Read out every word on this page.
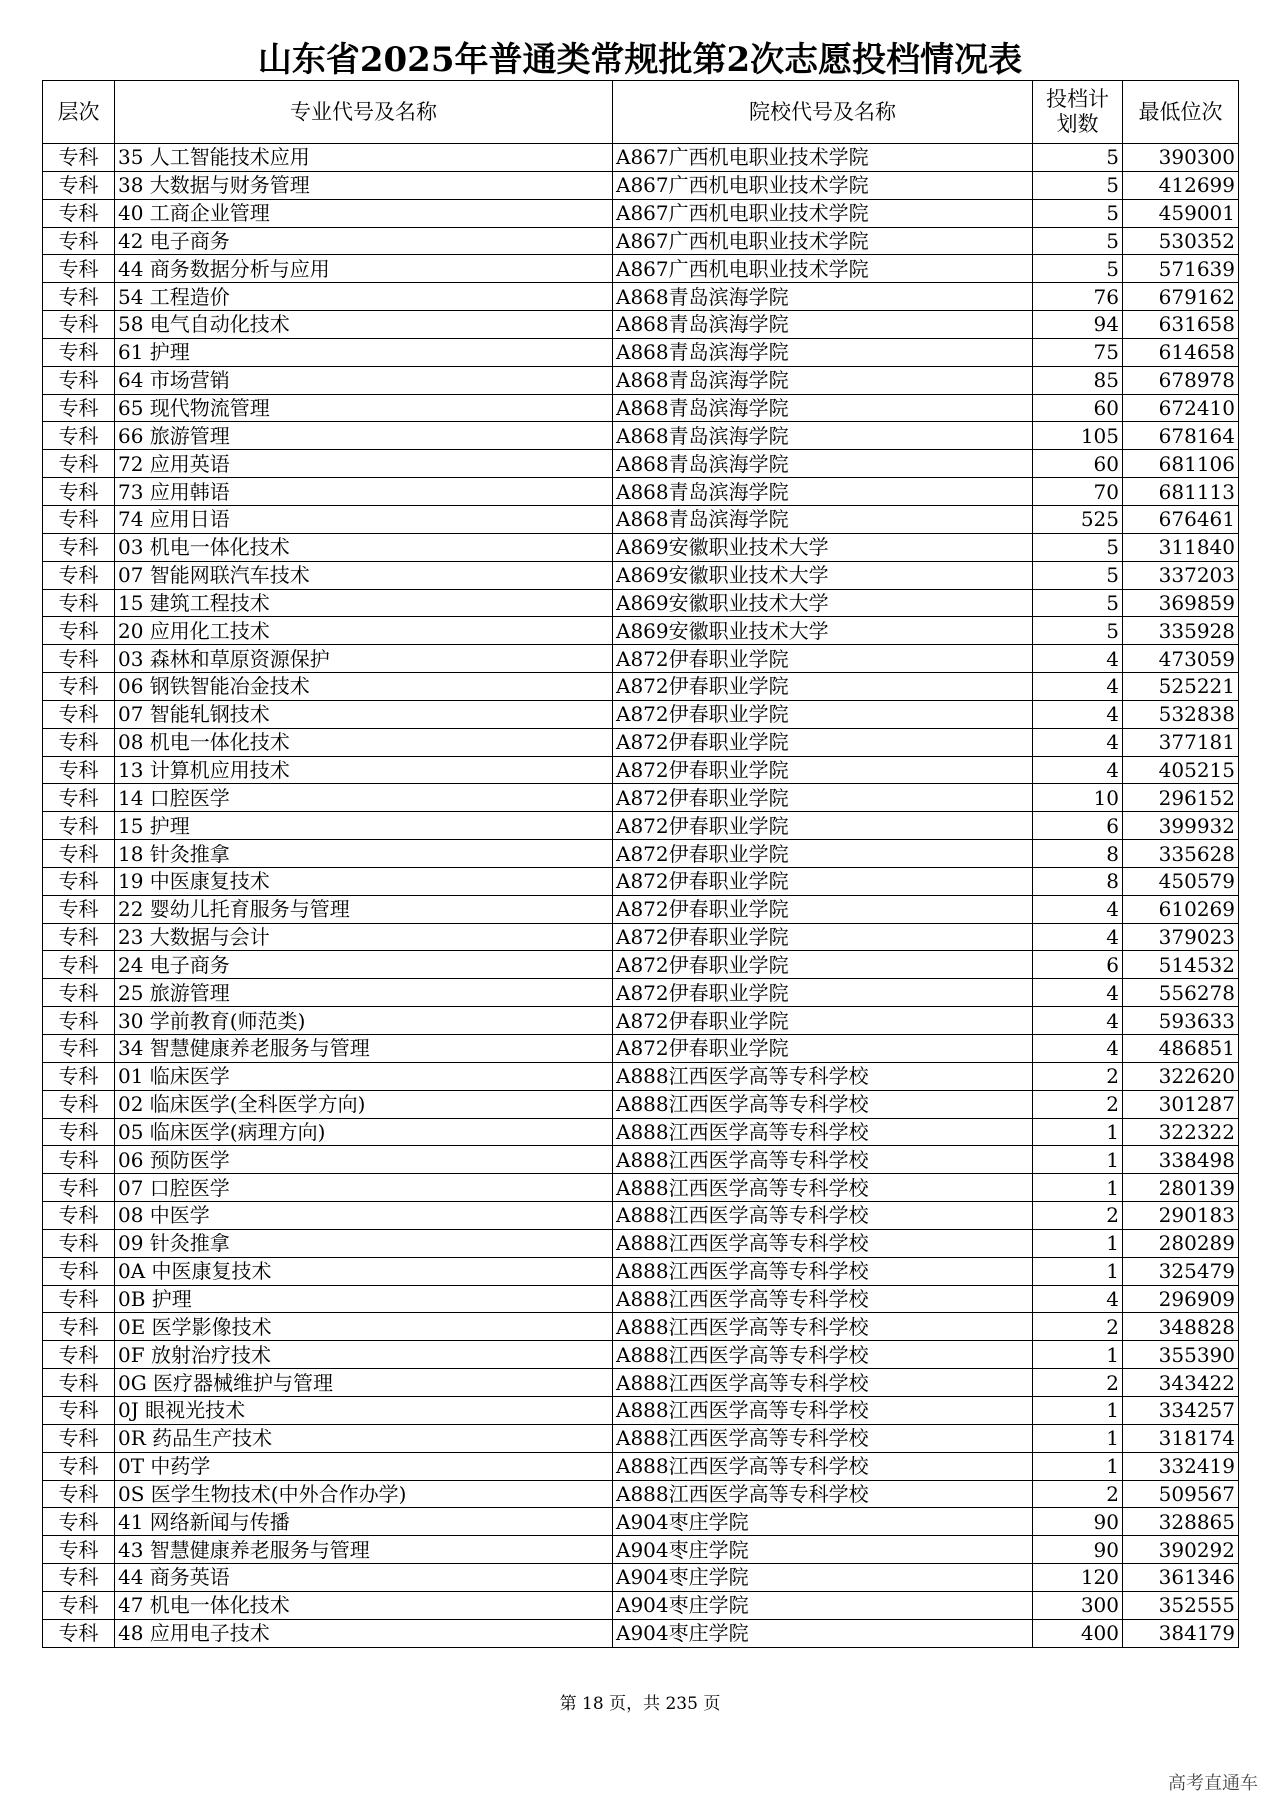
山东省2025年普通类常规批第2次志愿投档情况表
层次	专业代号及名称	院校代号及名称	投档计
划数	最低位次
专科	35 人工智能技术应用	A867广西机电职业技术学院	5	390300
专科	38 大数据与财务管理	A867广西机电职业技术学院	5	412699
专科	40 工商企业管理	A867广西机电职业技术学院	5	459001
专科	42 电子商务	A867广西机电职业技术学院	5	530352
专科	44 商务数据分析与应用	A867广西机电职业技术学院	5	571639
专科	54 工程造价	A868青岛滨海学院	76	679162
专科	58 电气自动化技术	A868青岛滨海学院	94	631658
专科	61 护理	A868青岛滨海学院	75	614658
专科	64 市场营销	A868青岛滨海学院	85	678978
专科	65 现代物流管理	A868青岛滨海学院	60	672410
专科	66 旅游管理	A868青岛滨海学院	105	678164
专科	72 应用英语	A868青岛滨海学院	60	681106
专科	73 应用韩语	A868青岛滨海学院	70	681113
专科	74 应用日语	A868青岛滨海学院	525	676461
专科	03 机电一体化技术	A869安徽职业技术大学	5	311840
专科	07 智能网联汽车技术	A869安徽职业技术大学	5	337203
专科	15 建筑工程技术	A869安徽职业技术大学	5	369859
专科	20 应用化工技术	A869安徽职业技术大学	5	335928
专科	03 森林和草原资源保护	A872伊春职业学院	4	473059
专科	06 钢铁智能冶金技术	A872伊春职业学院	4	525221
专科	07 智能轧钢技术	A872伊春职业学院	4	532838
专科	08 机电一体化技术	A872伊春职业学院	4	377181
专科	13 计算机应用技术	A872伊春职业学院	4	405215
专科	14 口腔医学	A872伊春职业学院	10	296152
专科	15 护理	A872伊春职业学院	6	399932
专科	18 针灸推拿	A872伊春职业学院	8	335628
专科	19 中医康复技术	A872伊春职业学院	8	450579
专科	22 婴幼儿托育服务与管理	A872伊春职业学院	4	610269
专科	23 大数据与会计	A872伊春职业学院	4	379023
专科	24 电子商务	A872伊春职业学院	6	514532
专科	25 旅游管理	A872伊春职业学院	4	556278
专科	30 学前教育(师范类)	A872伊春职业学院	4	593633
专科	34 智慧健康养老服务与管理	A872伊春职业学院	4	486851
专科	01 临床医学	A888江西医学高等专科学校	2	322620
专科	02 临床医学(全科医学方向)	A888江西医学高等专科学校	2	301287
专科	05 临床医学(病理方向)	A888江西医学高等专科学校	1	322322
专科	06 预防医学	A888江西医学高等专科学校	1	338498
专科	07 口腔医学	A888江西医学高等专科学校	1	280139
专科	08 中医学	A888江西医学高等专科学校	2	290183
专科	09 针灸推拿	A888江西医学高等专科学校	1	280289
专科	0A 中医康复技术	A888江西医学高等专科学校	1	325479
专科	0B 护理	A888江西医学高等专科学校	4	296909
专科	0E 医学影像技术	A888江西医学高等专科学校	2	348828
专科	0F 放射治疗技术	A888江西医学高等专科学校	1	355390
专科	0G 医疗器械维护与管理	A888江西医学高等专科学校	2	343422
专科	0J 眼视光技术	A888江西医学高等专科学校	1	334257
专科	0R 药品生产技术	A888江西医学高等专科学校	1	318174
专科	0T 中药学	A888江西医学高等专科学校	1	332419
专科	0S 医学生物技术(中外合作办学)	A888江西医学高等专科学校	2	509567
专科	41 网络新闻与传播	A904枣庄学院	90	328865
专科	43 智慧健康养老服务与管理	A904枣庄学院	90	390292
专科	44 商务英语	A904枣庄学院	120	361346
专科	47 机电一体化技术	A904枣庄学院	300	352555
专科	48 应用电子技术	A904枣庄学院	400	384179
第 18 页，共 235 页
高考直通车
